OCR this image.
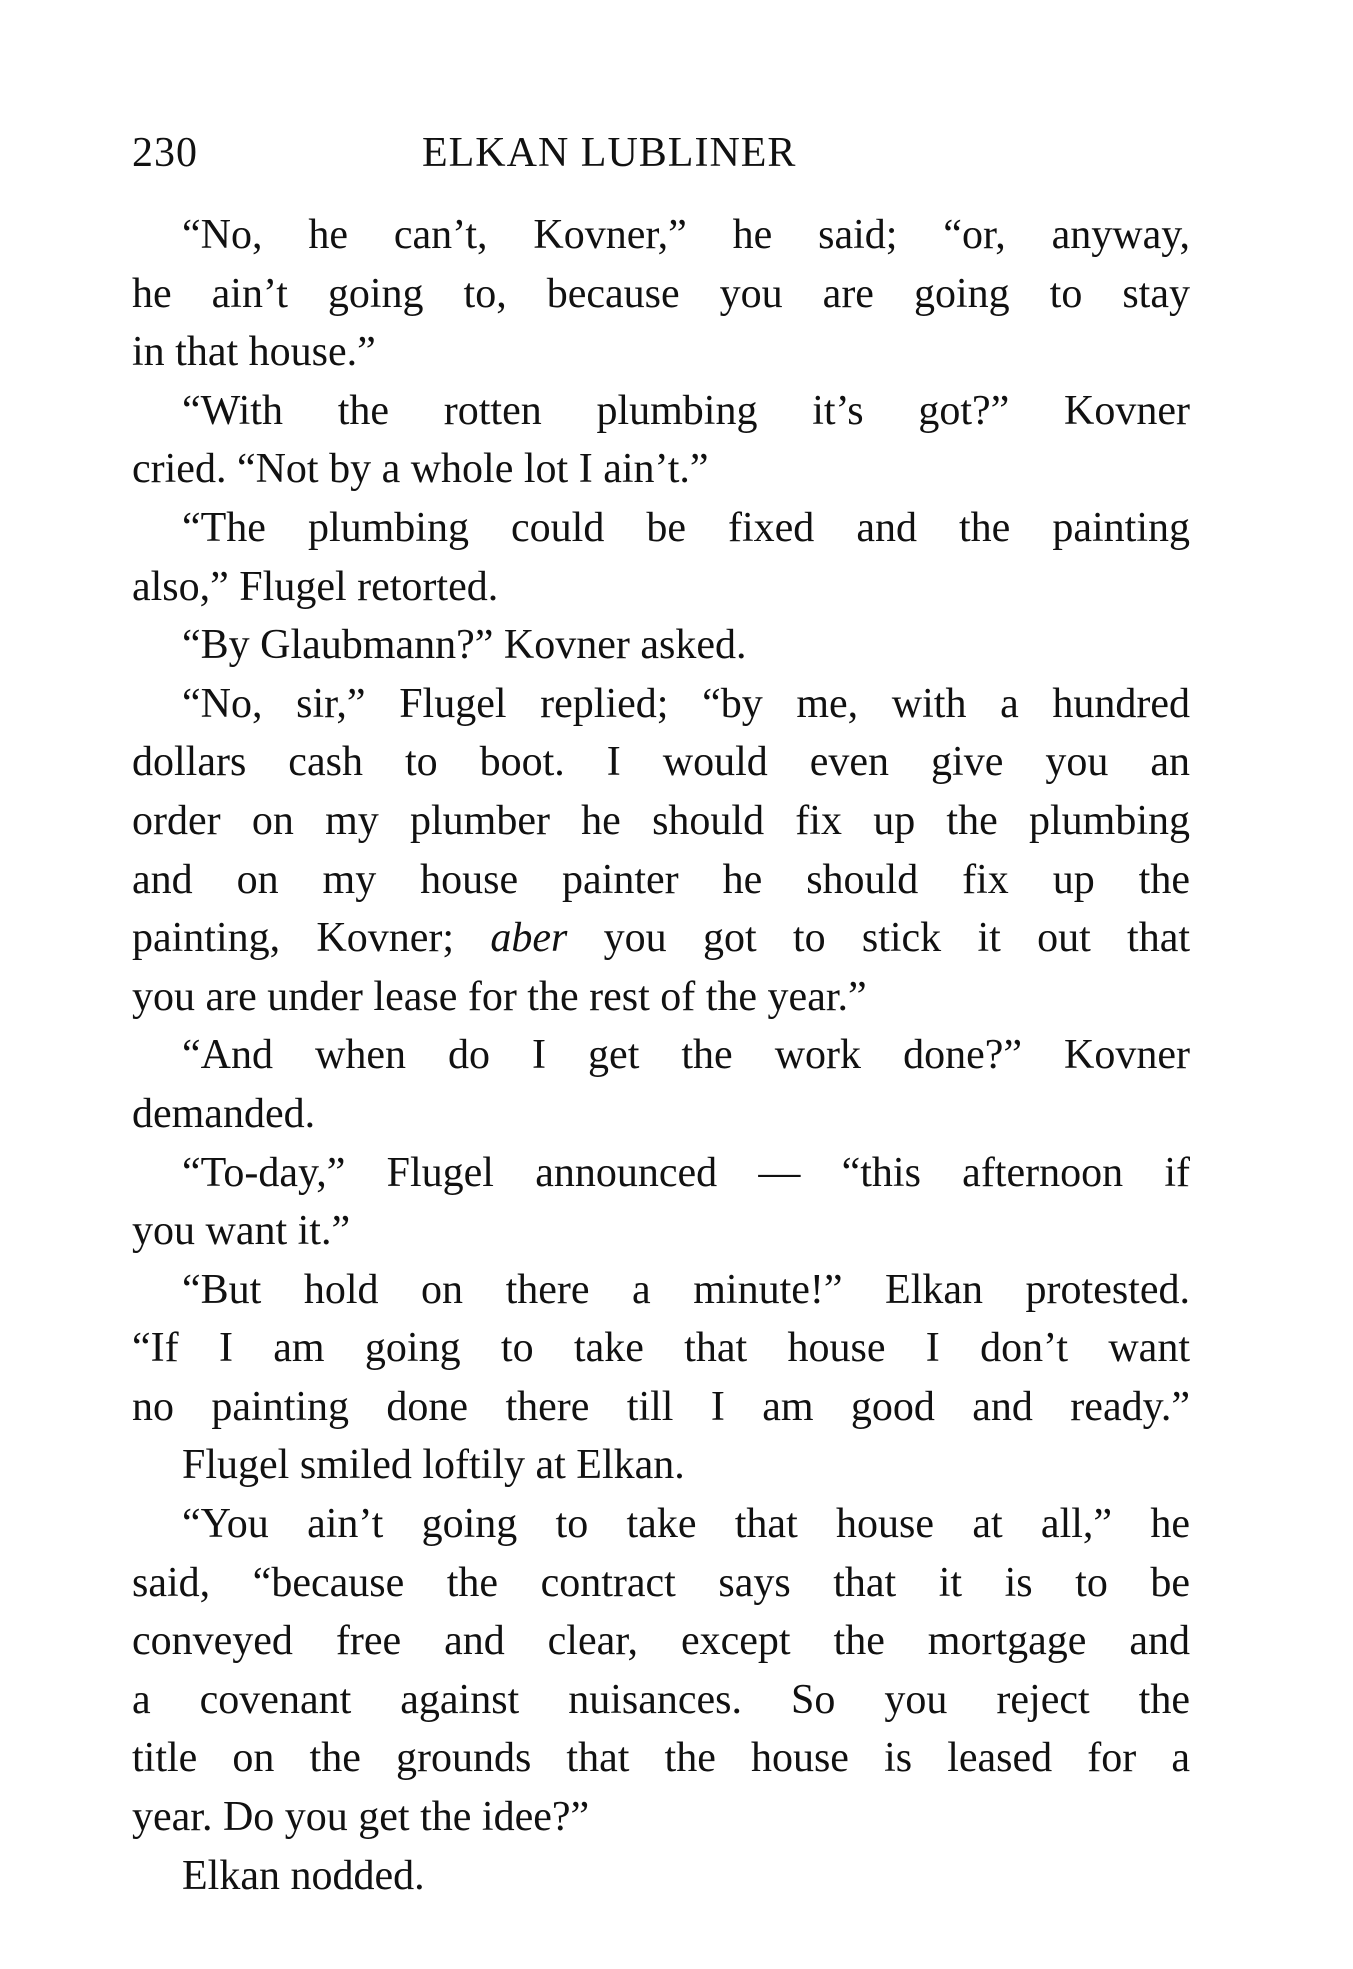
230	ELKAN LUBLINER
“No, he can’t, Kovner,” he said; “or, anyway,
he ain’t going to, because you are going to stay
in that house.”
“With the rotten plumbing it’s got?” Kovner
cried. “Not by a whole lot I ain’t.”
“The plumbing could be fixed and the painting
also,” Flugel retorted.
“By Glaubmann?” Kovner asked.
“No, sir,” Flugel replied; “by me, with a hundred
dollars cash to boot. I would even give you an
order on my plumber he should fix up the plumbing
and on my house painter he should fix up the
painting, Kovner; aber you got to stick it out that
you are under lease for the rest of the year.”
“And when do I get the work done?” Kovner
demanded.
“To-day,” Flugel announced — “this afternoon if
you want it.”
“But hold on there a minute!” Elkan protested.
“If I am going to take that house I don’t want
no painting done there till I am good and ready.”
Flugel smiled loftily at Elkan.
“You ain’t going to take that house at all,” he
said, “because the contract says that it is to be
conveyed free and clear, except the mortgage and
a covenant against nuisances. So you reject the
title on the grounds that the house is leased for a
year. Do you get the idee?”
Elkan nodded.
